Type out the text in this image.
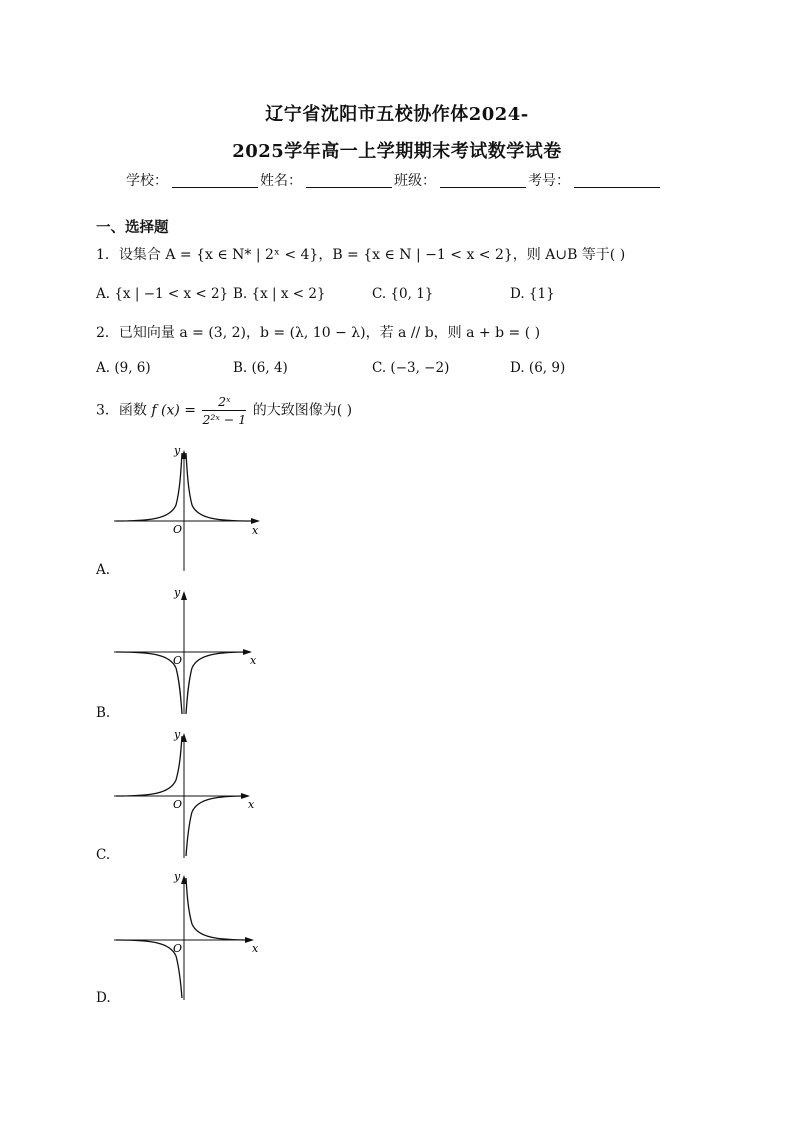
辽宁省沈阳市五校协作体2024-
2025学年高一上学期期末考试数学试卷
学校：	姓名：	班级：	考号：
一、选择题
1．设集合 A = {x ∈ N* | 2ˣ < 4}，B = {x ∈ N | −1 < x < 2}，则 A∪B 等于( )
A. {x | −1 < x < 2} B. {x | x < 2}	C. {0, 1}	D. {1}
2．已知向量 a = (3, 2)，b = (λ, 10 − λ)，若 a // b，则 a + b = ( )
A. (9, 6)	B. (6, 4)	C. (−3, −2)	D. (6, 9)
3．函数 f $(x) = \frac{\text{2ˣ}}{\text{2²ˣ − 1}}$ 的大致图像为( )
O	x
y
A.
O	x
y
B.
O	x
y
C.
O	x
y
D.
